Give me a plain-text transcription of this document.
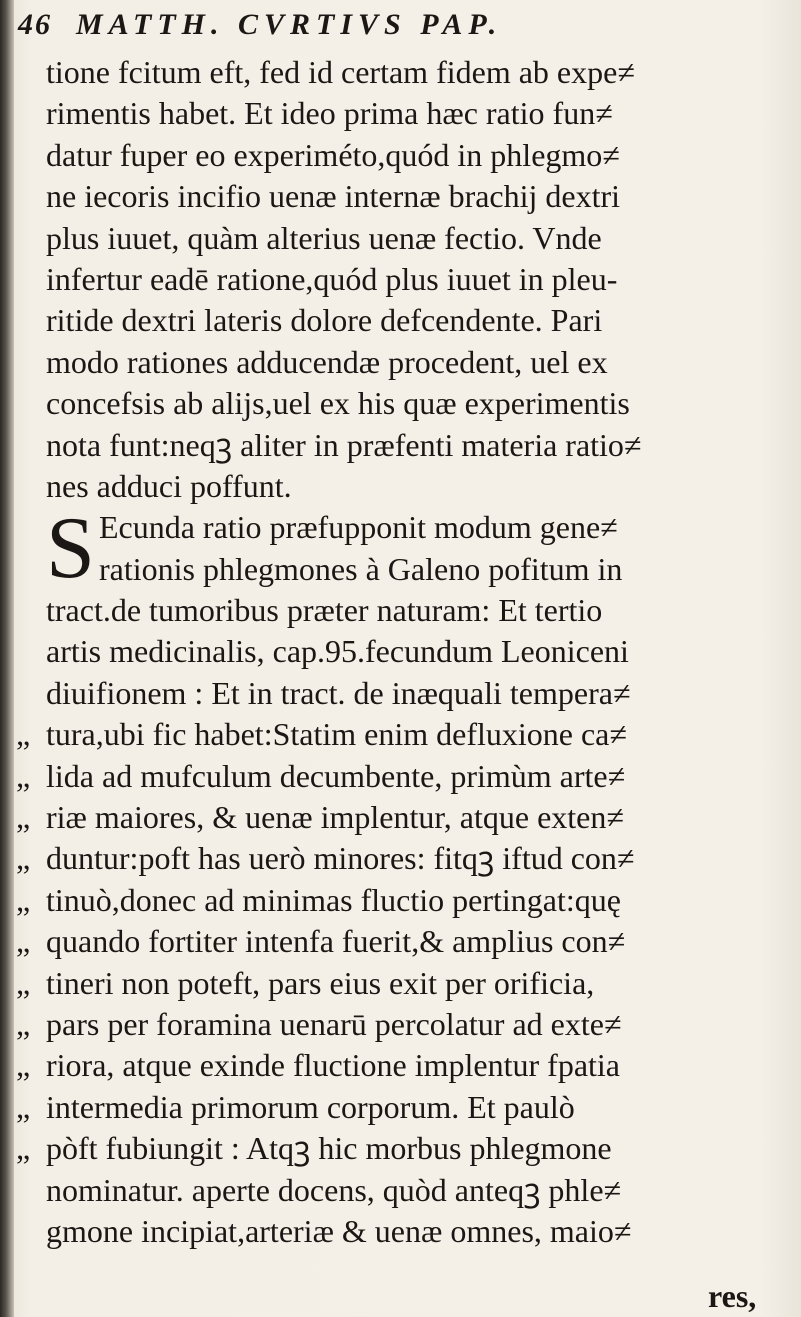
46 MATTH. CVRTIVS PAP.
tione fcitum eft, fed id certam fidem ab expe≠
rimentis habet. Et ideo prima hæc ratio fun≠
datur fuper eo experiméto,quód in phlegmo≠
ne iecoris incifio uenæ internæ brachij dextri
plus iuuet, quàm alterius uenæ fectio. Vnde
infertur eadē ratione,quód plus iuuet in pleu-
ritide dextri lateris dolore defcendente. Pari
modo rationes adducendæ procedent, uel ex
concefsis ab alijs,uel ex his quæ experimentis
nota funt:neqꝫ aliter in præfenti materia ratio≠
nes adduci poffunt.
S Ecunda ratio præfupponit modum gene≠
rationis phlegmones à Galeno pofitum in
tract.de tumoribus præter naturam: Et tertio
artis medicinalis, cap.95.fecundum Leoniceni
diuifionem : Et in tract. de inæquali tempera≠
„ tura,ubi fic habet:Statim enim defluxione ca≠
„ lida ad mufculum decumbente, primùm arte≠
„ riæ maiores, & uenæ implentur, atque exten≠
„ duntur:poft has uerò minores: fitqꝫ iftud con≠
„ tinuò,donec ad minimas fluctio pertingat:quę
„ quando fortiter intenfa fuerit,& amplius con≠
„ tineri non poteft, pars eius exit per orificia,
„ pars per foramina uenarū percolatur ad exte≠
„ riora, atque exinde fluctione implentur fpatia
„ intermedia primorum corporum. Et paulò
„ pòft fubiungit : Atqꝫ hic morbus phlegmone
nominatur. aperte docens, quòd anteqꝫ phle≠
gmone incipiat,arteriæ & uenæ omnes, maio≠
res,
